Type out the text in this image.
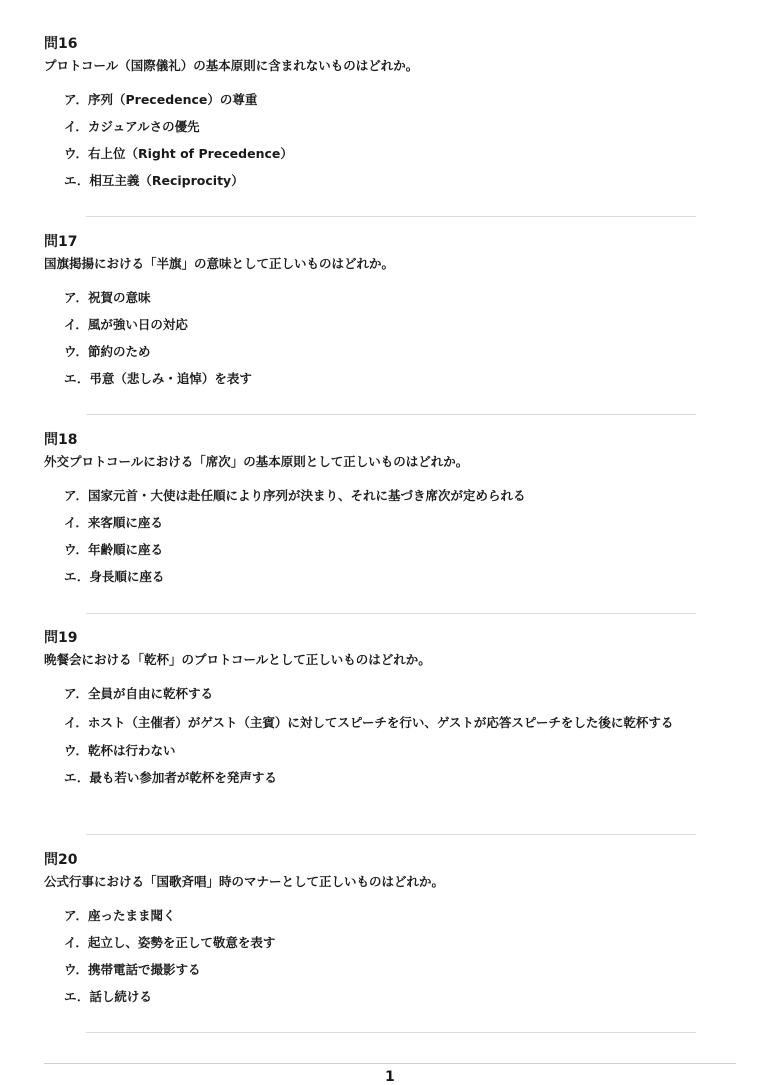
問16

プロトコール（国際儀礼）の基本原則に含まれないものはどれか。

ア．序列（Precedence）の尊重
イ．カジュアルさの優先
ウ．右上位（Right of Precedence）
エ．相互主義（Reciprocity）

問17

国旗掲揚における「半旗」の意味として正しいものはどれか。

ア．祝賀の意味
イ．風が強い日の対応
ウ．節約のため
エ．弔意（悲しみ・追悼）を表す

問18

外交プロトコールにおける「席次」の基本原則として正しいものはどれか。

ア．国家元首・大使は赴任順により序列が決まり、それに基づき席次が定められる
イ．来客順に座る
ウ．年齢順に座る
エ．身長順に座る

問19

晩餐会における「乾杯」のプロトコールとして正しいものはどれか。

ア．全員が自由に乾杯する
イ．ホスト（主催者）がゲスト（主賓）に対してスピーチを行い、ゲストが応答スピーチをした後に乾杯する
ウ．乾杯は行わない
エ．最も若い参加者が乾杯を発声する

問20

公式行事における「国歌斉唱」時のマナーとして正しいものはどれか。

ア．座ったまま聞く
イ．起立し、姿勢を正して敬意を表す
ウ．携帯電話で撮影する
エ．話し続ける
1
